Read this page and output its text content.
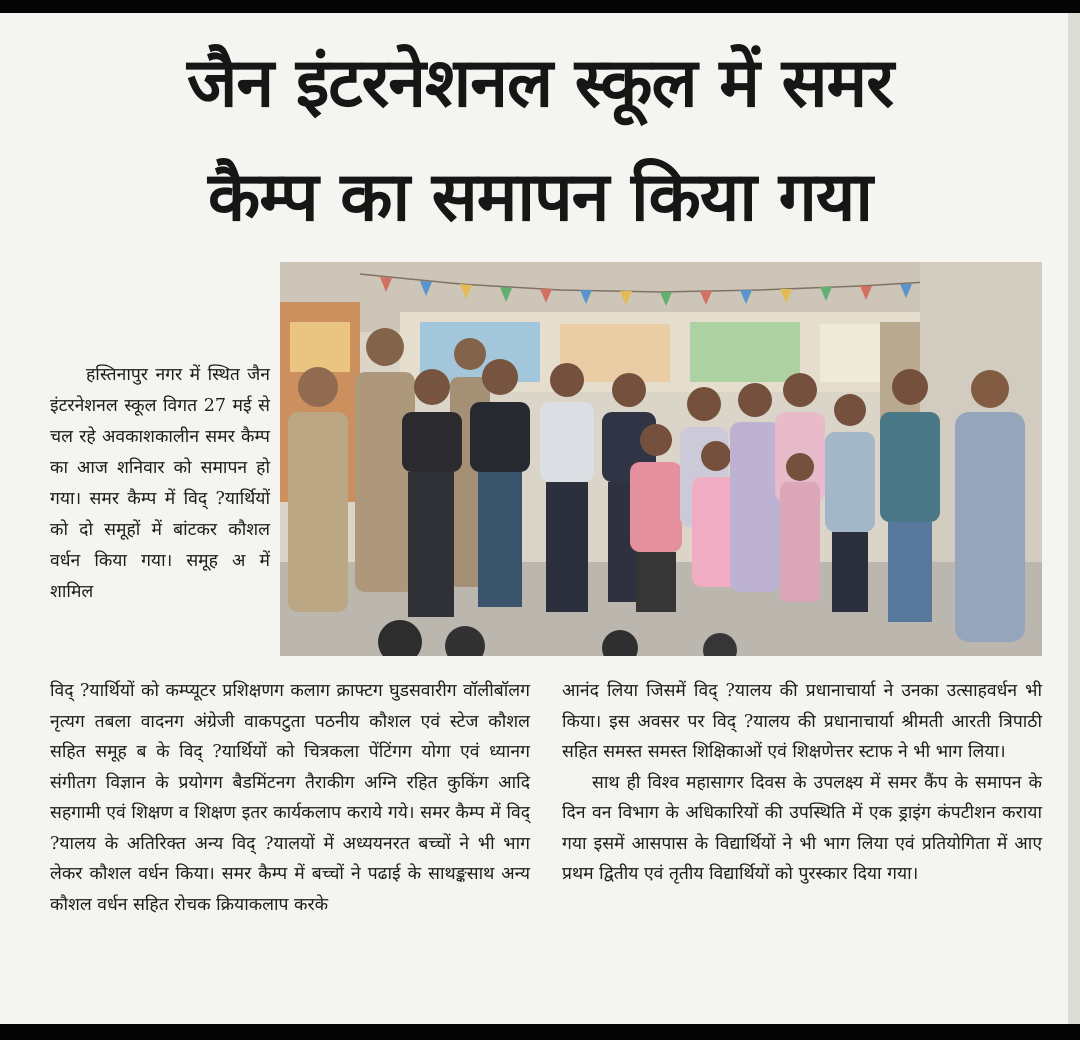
जैन इंटरनेशनल स्कूल में समर
कैम्प का समापन किया गया

हस्तिनापुर नगर में स्थित जैन इंटरनेशनल स्कूल विगत 27 मई से चल रहे अवकाशकालीन समर कैम्प का आज शनिवार को समापन हो गया। समर कैम्प में विद् ?यार्थियों को दो समूहों में बांटकर कौशल वर्धन किया गया। समूह अ में शामिल

विद् ?यार्थियों को कम्प्यूटर प्रशिक्षणग कलाग क्राफ्टग घुडसवारीग वॉलीबॉलग नृत्यग तबला वादनग अंग्रेजी वाकपटुता पठनीय कौशल एवं स्टेज कौशल सहित समूह ब के विद् ?यार्थियों को चित्रकला पेंटिंगग योगा एवं ध्यानग संगीतग विज्ञान के प्रयोगग बैडमिंटनग तैराकीग अग्नि रहित कुकिंग आदि सहगामी एवं शिक्षण व शिक्षण इतर कार्यकलाप कराये गये। समर कैम्प में विद् ?यालय के अतिरिक्त अन्य विद् ?यालयों में अध्ययनरत बच्चों ने भी भाग लेकर कौशल वर्धन किया। समर कैम्प में बच्चों ने पढाई के साथङ्कसाथ अन्य कौशल वर्धन सहित रोचक क्रियाकलाप करके

आनंद लिया जिसमें विद् ?यालय की प्रधानाचार्या ने उनका उत्साहवर्धन भी किया। इस अवसर पर विद् ?यालय की प्रधानाचार्या श्रीमती आरती त्रिपाठी सहित समस्त समस्त शिक्षिकाओं एवं शिक्षणेत्तर स्टाफ ने भी भाग लिया।

साथ ही विश्व महासागर दिवस के उपलक्ष्य में समर कैंप के समापन के दिन वन विभाग के अधिकारियों की उपस्थिति में एक ड्राइंग कंपटीशन कराया गया इसमें आसपास के विद्यार्थियों ने भी भाग लिया एवं प्रतियोगिता में आए प्रथम द्वितीय एवं तृतीय विद्यार्थियों को पुरस्कार दिया गया।
